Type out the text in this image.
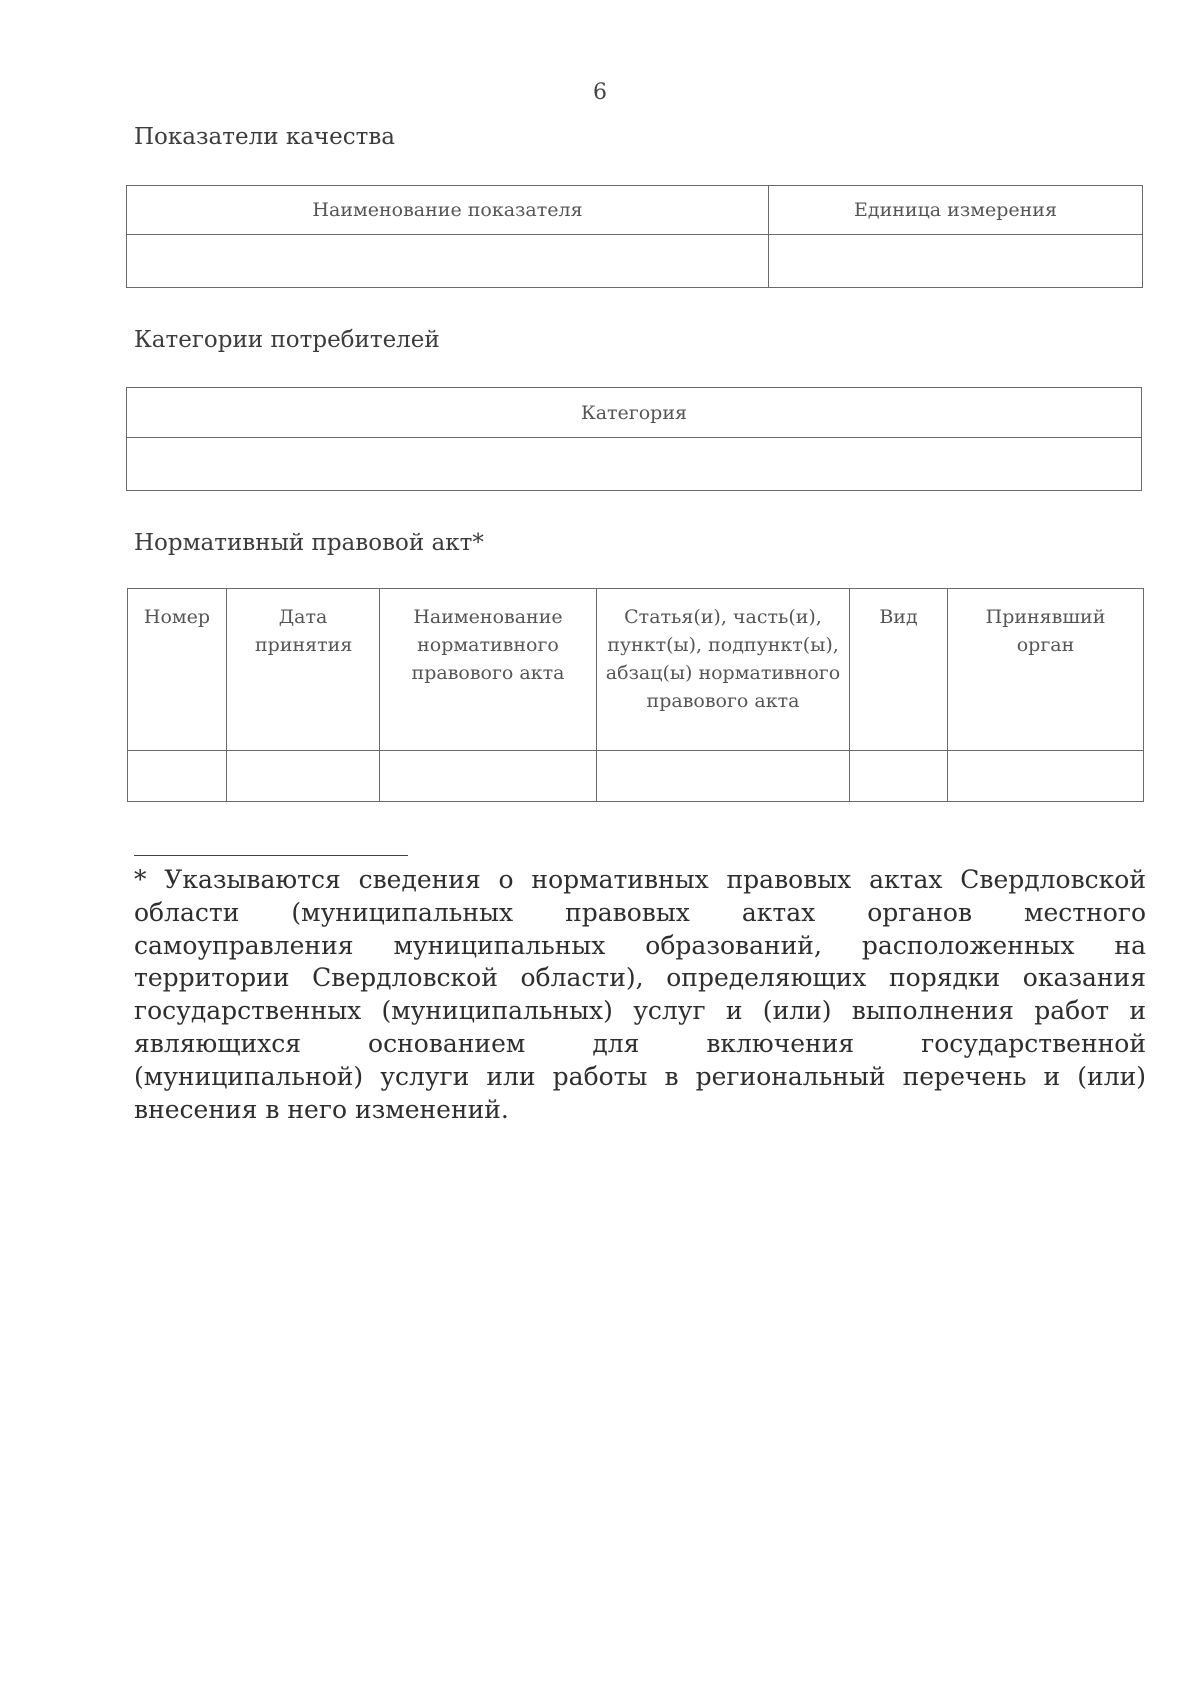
6
Показатели качества
Наименование показателя	Единица измерения

Категории потребителей
Категория

Нормативный правовой акт*
Номер	Дата принятия	Наименование нормативного правового акта	Статья(и), часть(и), пункт(ы), подпункт(ы), абзац(ы) нормативного правового акта	Вид	Принявший орган

* Указываются сведения о нормативных правовых актах Свердловской области (муниципальных правовых актах органов местного самоуправления муниципальных образований, расположенных на территории Свердловской области), определяющих порядки оказания государственных (муниципальных) услуг и (или) выполнения работ и являющихся основанием для включения государственной (муниципальной) услуги или работы в региональный перечень и (или) внесения в него изменений.
